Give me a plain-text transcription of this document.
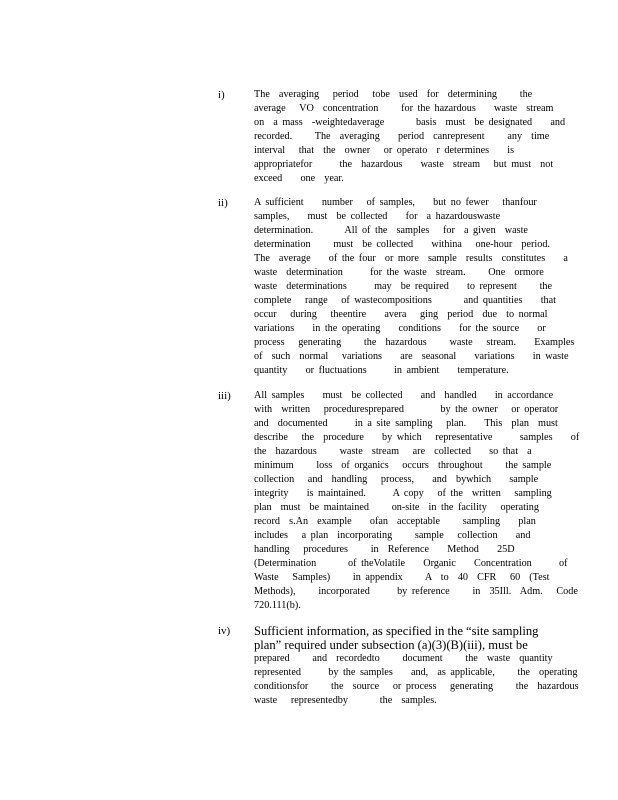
i)	The  averaging   period   tobe  used  for  determining     the
average   VO  concentration     for the hazardous    waste  stream
on  a mass  -weightedaverage       basis  must  be designated    and
recorded.     The  averaging    period  canrepresent     any  time
interval   that  the  owner   or operato  r determines    is
appropriatefor      the  hazardous    waste  stream   but must  not
exceed    one  year.
ii)	A sufficient    number   of samples,    but no fewer   thanfour
samples,    must  be collected    for  a hazardouswaste
determination.       All of the  samples   for  a given  waste
determination     must  be collected    withina   one-hour  period.
The  average    of the four  or more  sample  results  constitutes    a
waste  determination      for the waste  stream.     One  ormore
waste  determinations      may  be required    to represent     the
complete   range   of wastecompositions       and quantities    that
occur   during   theentire    avera   ging  period  due  to normal
variations    in the operating    conditions    for the source    or
process   generating     the  hazardous     waste   stream.    Examples
of  such  normal   variations    are  seasonal    variations    in waste
quantity    or fluctuations      in ambient    temperature.
iii)	All samples    must  be collected    and  handled    in accordance
with  written   proceduresprepared        by the owner   or operator
and  documented      in a site sampling   plan.    This  plan  must
describe   the  procedure    by which   representative      samples    of
the  hazardous     waste  stream   are  collected    so that  a
minimum     loss  of organics   occurs  throughout     the sample
collection   and  handling   process,    and  bywhich    sample
integrity    is maintained.      A copy   of the  written   sampling
plan  must  be maintained     on-site  in the facility   operating
record  s.An  example    ofan  acceptable     sampling    plan
includes   a plan  incorporating     sample   collection    and
handling   procedures     in  Reference    Method    25D
(Determination       of theVolatile    Organic    Concentration      of
Waste   Samples)     in appendix     A  to  40  CFR   60  (Test
Methods),     incorporated      by reference     in  35Ill.  Adm.   Code
720.111(b).
iv)	Sufficient information, as specified in the “site sampling
plan” required under subsection (a)(3)(B)(iii), must be
prepared     and  recordedto     document     the  waste  quantity
represented      by the samples    and,  as applicable,     the  operating
conditionsfor     the  source   or process   generating     the  hazardous
waste   representedby       the  samples.
